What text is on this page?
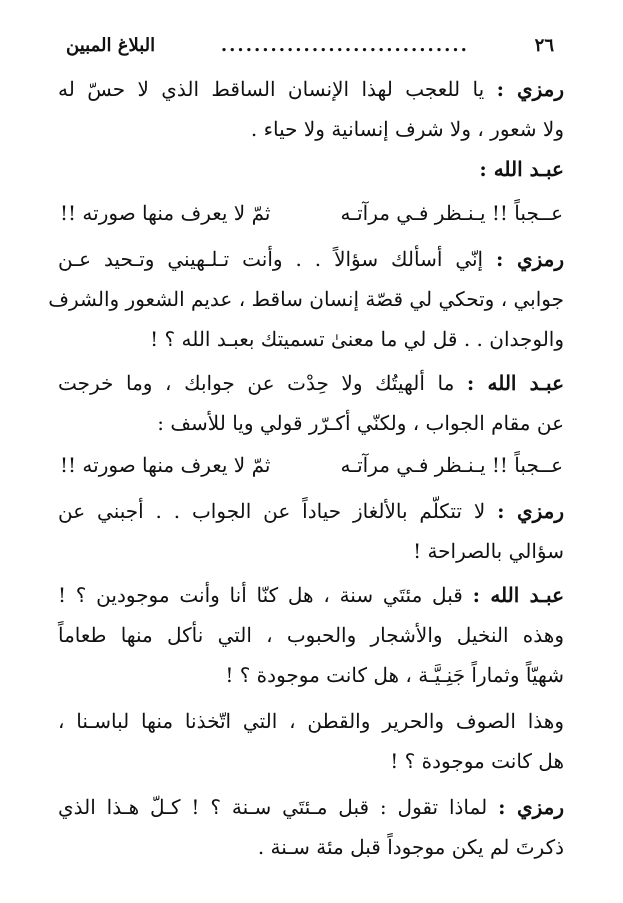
٢٦
..............................
البلاغ المبين
رمزي : يا للعجب لهذا الإنسان الساقط الذي لا حسّ له
ولا شعور ، ولا شرف إنسانية ولا حياء .
عبـد الله :
عــجباً !! يـنـظر فـي مرآتـه
ثمّ لا يعرف منها صورته !!
رمزي : إنّي أسألك سؤالاً . . وأنت تـلـهيني وتـحيد عـن
جوابي ، وتحكي لي قصّة إنسان ساقط ، عديم الشعور والشرف
والوجدان . . قل لي ما معنىٰ تسميتك بعبـد الله ؟ !
عبـد الله : ما ألهيتُك ولا حِدْت عن جوابك ، وما خرجت
عن مقام الجواب ، ولكنّي أكـرّر قولي ويا للأسف :
عــجباً !! يـنـظر فـي مرآتـه
ثمّ لا يعرف منها صورته !!
رمزي : لا تتكلّم بالألغاز حياداً عن الجواب . . أجبني عن
سؤالي بالصراحة !
عبـد الله : قبل مئتَي سنة ، هل كنّا أنا وأنت موجودين ؟ !
وهذه النخيل والأشجار والحبوب ، التي نأكل منها طعاماً
شهيّاً وثماراً جَنِـيَّـة ، هل كانت موجودة ؟ !
وهذا الصوف والحرير والقطن ، التي اتّخذنا منها لباسـنا ،
هل كانت موجودة ؟ !
رمزي : لماذا تقول : قبل مـئتَي سـنة ؟ ! كـلّ هـذا الذي
ذكرتَ لم يكن موجوداً قبل مئة سـنة .
